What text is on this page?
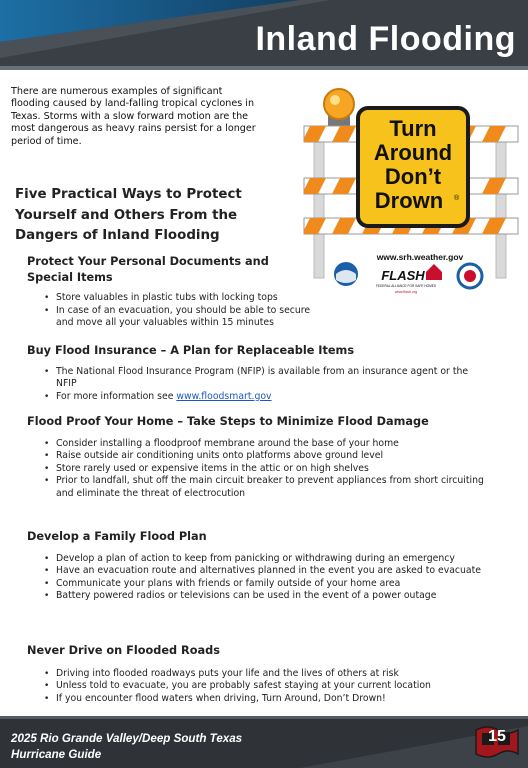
Inland Flooding

There are numerous examples of significant flooding caused by land-falling tropical cyclones in Texas. Storms with a slow forward motion are the most dangerous as heavy rains persist for a longer period of time.

Turn
Around
Don’t
Drown ®
www.srh.weather.gov
FLASH
FEDERAL ALLIANCE FOR SAFE HOMES
www.flash.org
Five Practical Ways to Protect Yourself and Others From the Dangers of Inland Flooding
Protect Your Personal Documents and Special Items
• Store valuables in plastic tubs with locking tops
• In case of an evacuation, you should be able to secure and move all your valuables within 15 minutes
Buy Flood Insurance – A Plan for Replaceable Items
• The National Flood Insurance Program (NFIP) is available from an insurance agent or the NFIP
• For more information see www.floodsmart.gov
Flood Proof Your Home – Take Steps to Minimize Flood Damage
• Consider installing a floodproof membrane around the base of your home
• Raise outside air conditioning units onto platforms above ground level
• Store rarely used or expensive items in the attic or on high shelves
• Prior to landfall, shut off the main circuit breaker to prevent appliances from short circuiting and eliminate the threat of electrocution
Develop a Family Flood Plan
• Develop a plan of action to keep from panicking or withdrawing during an emergency
• Have an evacuation route and alternatives planned in the event you are asked to evacuate
• Communicate your plans with friends or family outside of your home area
• Battery powered radios or televisions can be used in the event of a power outage
Never Drive on Flooded Roads
• Driving into flooded roadways puts your life and the lives of others at risk
• Unless told to evacuate, you are probably safest staying at your current location
• If you encounter flood waters when driving, Turn Around, Don’t Drown!

2025 Rio Grande Valley/Deep South Texas
Hurricane Guide

15
